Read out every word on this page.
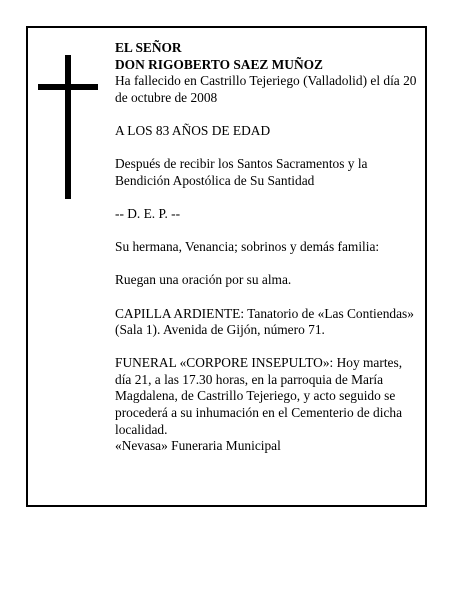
EL SEÑOR

DON RIGOBERTO SAEZ MUÑOZ

Ha fallecido en Castrillo Tejeriego (Valladolid) el día 20 de octubre de 2008

A LOS 83 AÑOS DE EDAD

Después de recibir los Santos Sacramentos y la Bendición Apostólica de Su Santidad

-- D. E. P. --

Su hermana, Venancia; sobrinos y demás familia:

Ruegan una oración por su alma.

CAPILLA ARDIENTE: Tanatorio de «Las Contiendas» (Sala 1). Avenida de Gijón, número 71.

FUNERAL «CORPORE INSEPULTO»: Hoy martes, día 21, a las 17.30 horas, en la parroquia de María Magdalena, de Castrillo Tejeriego, y acto seguido se procederá a su inhumación en el Cementerio de dicha localidad.

«Nevasa» Funeraria Municipal
